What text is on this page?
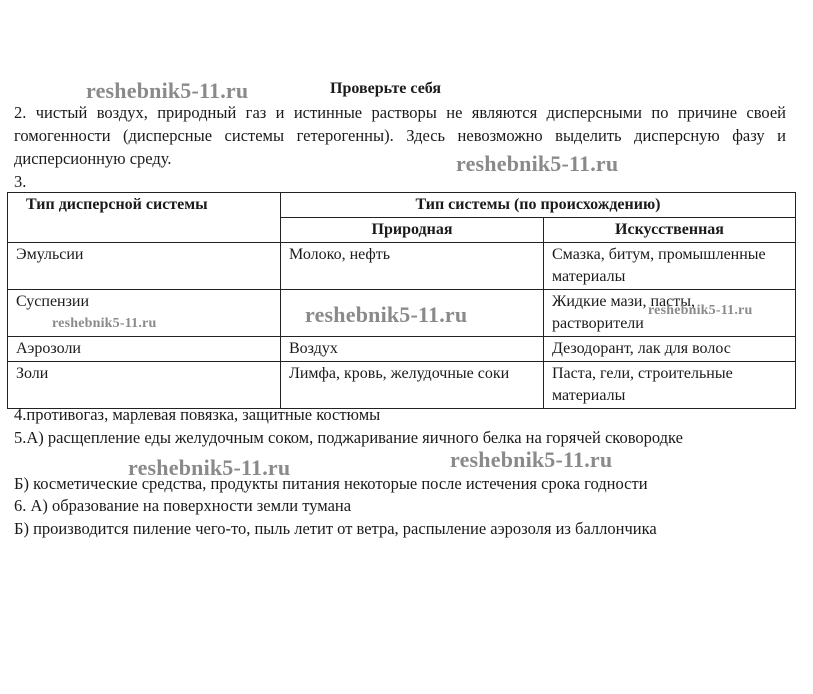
Проверьте себя
reshebnik5-11.ru
2. чистый воздух, природный газ и истинные растворы не являются дисперсными по причине своей гомогенности (дисперсные системы гетерогенны). Здесь невозможно выделить дисперсную фазу и дисперсионную среду.	reshebnik5-11.ru
3.
Тип дисперсной системы	Тип системы (по происхождению)	
	Природная	Искусственная
Эмульсии	Молоко, нефть	Смазка, битум, промышленные материалы
Суспензии		Жидкие мази, пасты, растворители
Аэрозоли	Воздух	Дезодорант, лак для волос
Золи	Лимфа, кровь, желудочные соки	Паста, гели, строительные материалы
reshebnik5-11.ru
reshebnik5-11.ru
reshebnik5-11.ru
4.противогаз, марлевая повязка, защитные костюмы
5.А) расщепление еды желудочным соком, поджаривание яичного белка на горячей сковородке
reshebnik5-11.ru	reshebnik5-11.ru
Б) косметические средства, продукты питания некоторые после истечения срока годности
6. А) образование на поверхности земли тумана
Б) производится пиление чего-то, пыль летит от ветра, распыление аэрозоля из баллончика
